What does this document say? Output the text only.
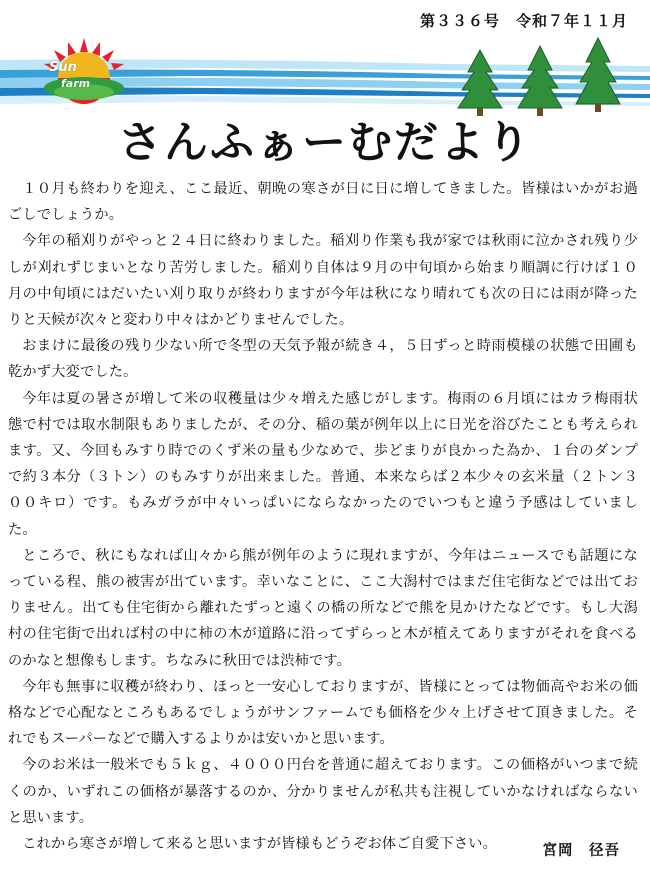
第３３６号　令和７年１１月
Sun
farm
さんふぁーむだより

１０月も終わりを迎え、ここ最近、朝晩の寒さが日に日に増してきました。皆様はいかがお過ごしでしょうか。

今年の稲刈りがやっと２４日に終わりました。稲刈り作業も我が家では秋雨に泣かされ残り少しが刈れずじまいとなり苦労しました。稲刈り自体は９月の中旬頃から始まり順調に行けば１０月の中旬頃にはだいたい刈り取りが終わりますが今年は秋になり晴れても次の日には雨が降ったりと天候が次々と変わり中々はかどりませんでした。

おまけに最後の残り少ない所で冬型の天気予報が続き４，５日ずっと時雨模様の状態で田圃も乾かず大変でした。

今年は夏の暑さが増して米の収穫量は少々増えた感じがします。梅雨の６月頃にはカラ梅雨状態で村では取水制限もありましたが、その分、稲の葉が例年以上に日光を浴びたことも考えられます。又、今回もみすり時でのくず米の量も少なめで、歩どまりが良かった為か、１台のダンプで約３本分（３トン）のもみすりが出来ました。普通、本来ならば２本少々の玄米量（２トン３００キロ）です。もみガラが中々いっぱいにならなかったのでいつもと違う予感はしていました。

ところで、秋にもなれば山々から熊が例年のように現れますが、今年はニュースでも話題になっている程、熊の被害が出ています。幸いなことに、ここ大潟村ではまだ住宅街などでは出ておりません。出ても住宅街から離れたずっと遠くの橋の所などで熊を見かけたなどです。もし大潟村の住宅街で出れば村の中に柿の木が道路に沿ってずらっと木が植えてありますがそれを食べるのかなと想像もします。ちなみに秋田では渋柿です。

今年も無事に収穫が終わり、ほっと一安心しておりますが、皆様にとっては物価高やお米の価格などで心配なところもあるでしょうがサンファームでも価格を少々上げさせて頂きました。それでもスーパーなどで購入するよりかは安いかと思います。

今のお米は一般米でも５ｋｇ、４０００円台を普通に超えております。この価格がいつまで続くのか、いずれこの価格が暴落するのか、分かりませんが私共も注視していかなければならないと思います。

これから寒さが増して来ると思いますが皆様もどうぞお体ご自愛下さい。	宮岡　径吾
